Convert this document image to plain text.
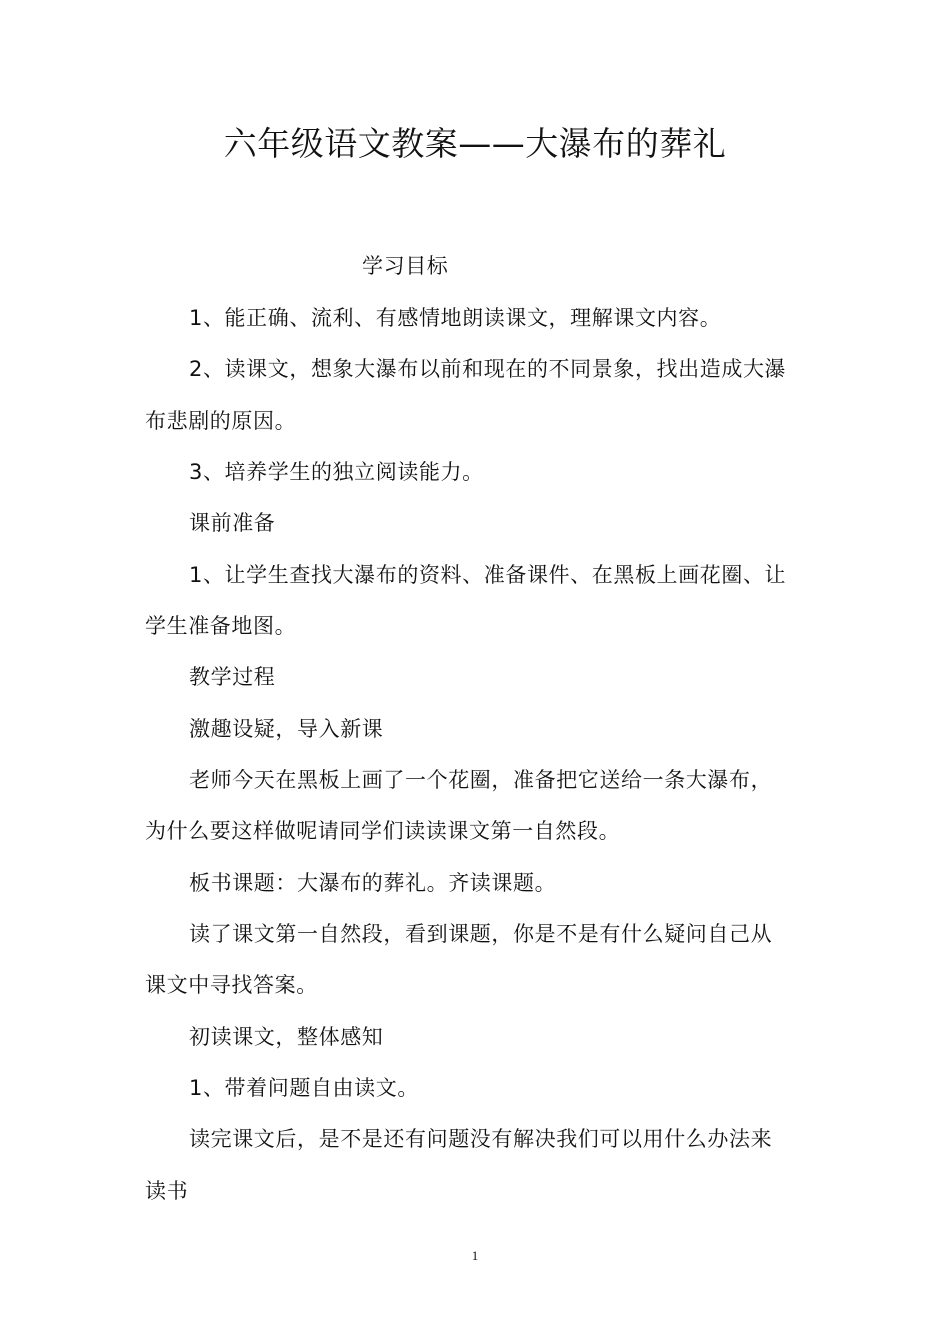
六年级语文教案——大瀑布的葬礼
学习目标
1、能正确、流利、有感情地朗读课文，理解课文内容。
2、读课文，想象大瀑布以前和现在的不同景象，找出造成大瀑
布悲剧的原因。
3、培养学生的独立阅读能力。
课前准备
1、让学生查找大瀑布的资料、准备课件、在黑板上画花圈、让
学生准备地图。
教学过程
激趣设疑，导入新课
老师今天在黑板上画了一个花圈，准备把它送给一条大瀑布，
为什么要这样做呢请同学们读读课文第一自然段。
板书课题：大瀑布的葬礼。齐读课题。
读了课文第一自然段，看到课题，你是不是有什么疑问自己从
课文中寻找答案。
初读课文，整体感知
1、带着问题自由读文。
读完课文后，是不是还有问题没有解决我们可以用什么办法来
读书
1
